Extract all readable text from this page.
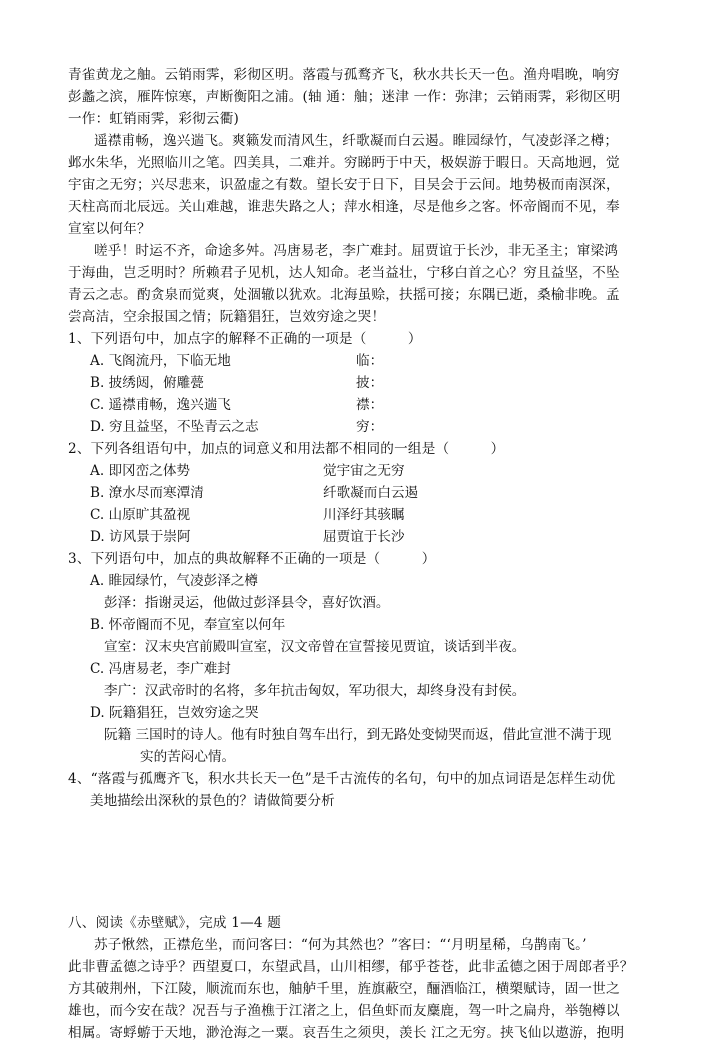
青雀黄龙之舳。云销雨霁，彩彻区明。落霞与孤鹜齐飞，秋水共长天一色。渔舟唱晚，响穷
彭蠡之滨，雁阵惊寒，声断衡阳之浦。(轴 通：舳；迷津 一作：弥津；云销雨霁，彩彻区明
一作：虹销雨霁，彩彻云衢)
遥襟甫畅，逸兴遄飞。爽籁发而清风生，纤歌凝而白云遏。睢园绿竹，气凌彭泽之樽；
邺水朱华，光照临川之笔。四美具，二难并。穷睇眄于中天，极娱游于暇日。天高地迥，觉
宇宙之无穷；兴尽悲来，识盈虚之有数。望长安于日下，目吴会于云间。地势极而南溟深，
天柱高而北辰远。关山难越，谁悲失路之人；萍水相逢，尽是他乡之客。怀帝阍而不见，奉
宣室以何年？
嗟乎！时运不齐，命途多舛。冯唐易老，李广难封。屈贾谊于长沙，非无圣主；窜梁鸿
于海曲，岂乏明时？所赖君子见机，达人知命。老当益壮，宁移白首之心？穷且益坚，不坠
青云之志。酌贪泉而觉爽，处涸辙以犹欢。北海虽赊，扶摇可接；东隅已逝，桑榆非晚。孟
尝高洁，空余报国之情；阮籍猖狂，岂效穷途之哭！
1、下列语句中，加点字的解释不正确的一项是（　　　）
A. 飞阁流丹，下临无地	临：
B. 披绣闼，俯雕甍	披：
C. 遥襟甫畅，逸兴遄飞	襟：
D. 穷且益坚，不坠青云之志	穷：
2、下列各组语句中，加点的词意义和用法都不相同的一组是（　　　）
A. 即冈峦之体势	觉宇宙之无穷
B. 潦水尽而寒潭清	纤歌凝而白云遏
C. 山原旷其盈视	川泽纡其骇瞩
D. 访风景于崇阿	屈贾谊于长沙
3、下列语句中，加点的典故解释不正确的一项是（　　　）
A. 睢园绿竹，气凌彭泽之樽
彭泽：指谢灵运，他做过彭泽县令，喜好饮酒。
B. 怀帝阍而不见，奉宣室以何年
宣室：汉末央宫前殿叫宣室，汉文帝曾在宣誓接见贾谊，谈话到半夜。
C. 冯唐易老，李广难封
李广：汉武帝时的名将，多年抗击匈奴，军功很大，却终身没有封侯。
D. 阮籍猖狂，岂效穷途之哭
阮籍 三国时的诗人。他有时独自驾车出行，到无路处变恸哭而返，借此宣泄不满于现
实的苦闷心情。
4、“落霞与孤鹰齐飞，积水共长天一色”是千古流传的名句，句中的加点词语是怎样生动优
美地描绘出深秋的景色的？请做简要分析
八、阅读《赤壁赋》，完成 1—4 题
苏子愀然，正襟危坐，而问客曰：“何为其然也？”客曰：“‘月明星稀，乌鹊南飞。’
此非曹孟德之诗乎？西望夏口，东望武昌，山川相缪，郁乎苍苍，此非孟德之困于周郎者乎？
方其破荆州，下江陵，顺流而东也，舳舻千里，旌旗蔽空，酾酒临江，横槊赋诗，固一世之
雄也，而今安在哉？况吾与子渔樵于江渚之上，侣鱼虾而友麋鹿，驾一叶之扁舟，举匏樽以
相属。寄蜉蝣于天地，渺沧海之一粟。哀吾生之须臾，羡长 江之无穷。挟飞仙以遨游，抱明
